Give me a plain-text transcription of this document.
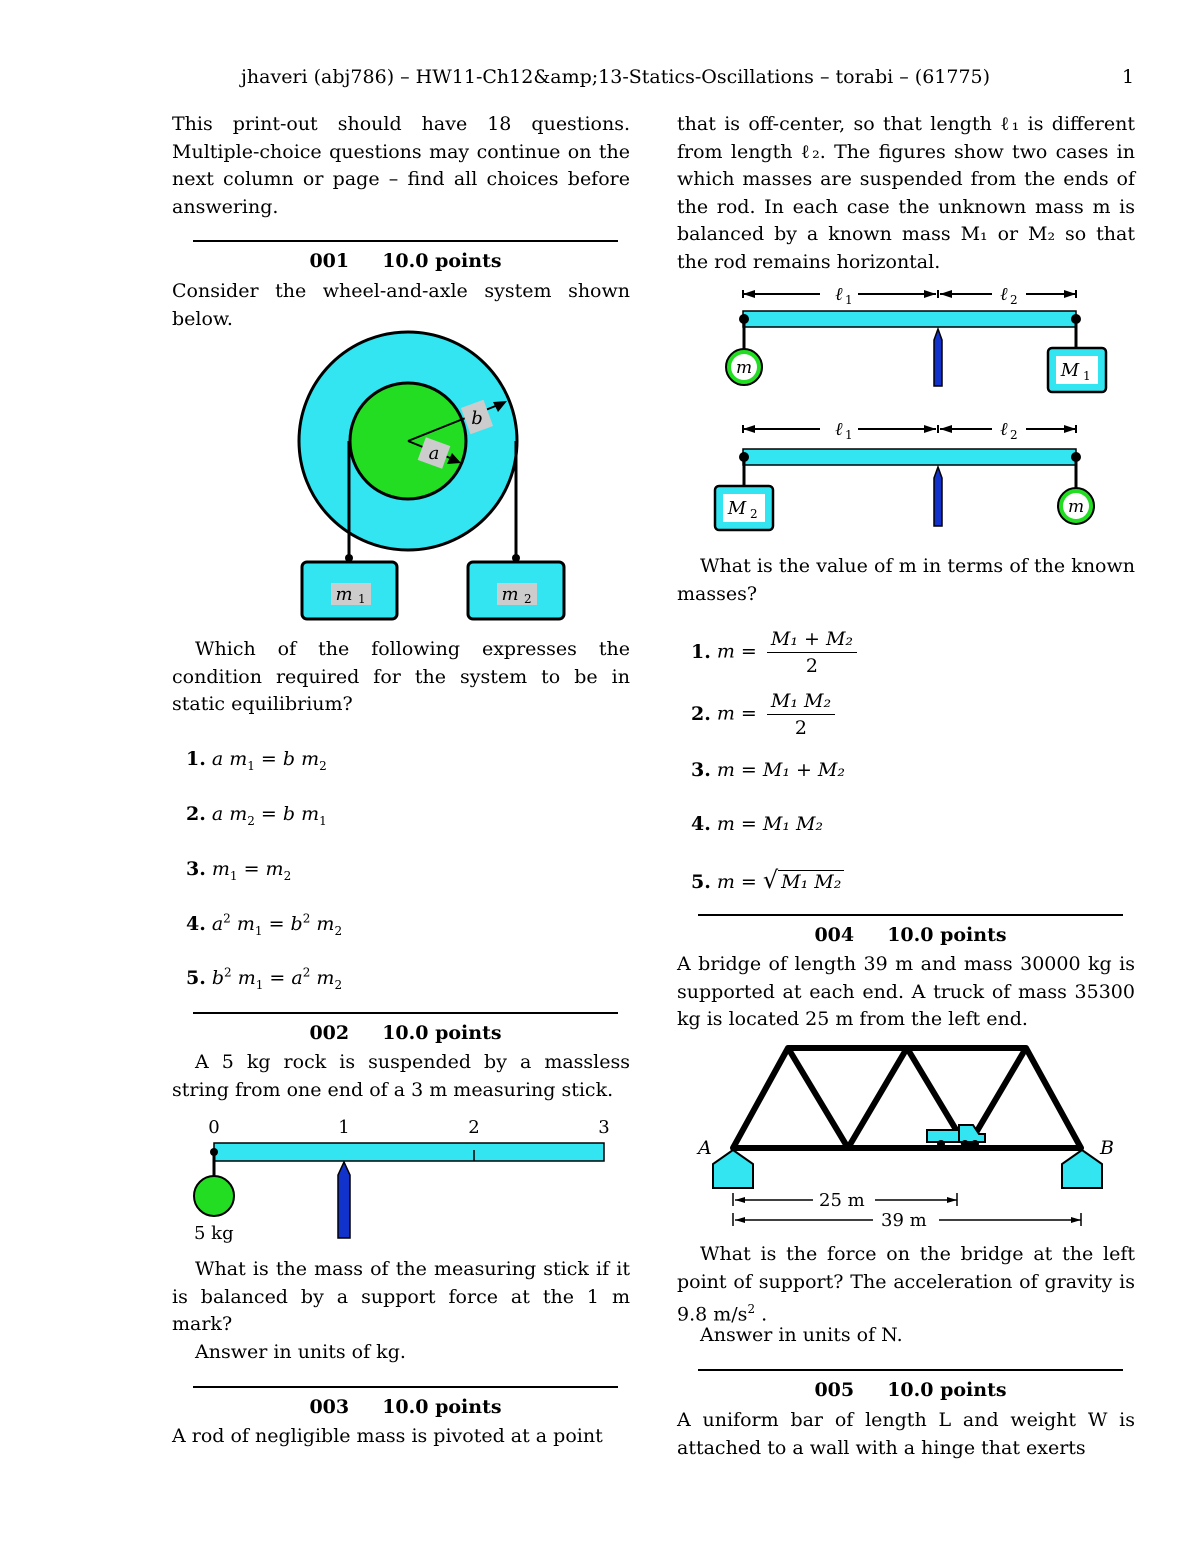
jhaveri (abj786) – HW11-Ch12&amp;13-Statics-Oscillations – torabi – (61775)	1
This print-out should have 18 questions. Multiple-choice questions may continue on the next column or page – find all choices before answering.
001 10.0 points
Consider the wheel-and-axle system shown below.
b
a
m 1	m 2
Which of the following expresses the condition required for the system to be in static equilibrium?
1. a $m_1 = b$ $m_2$
2. a $m_2 = b$ $m_1$
3. $m_1 = m_2$
4. $a^2$ $m_1 = b^2$ $m_2$
5. $b^2$ $m_1 = a^2$ $m_2$
002 10.0 points
A 5 kg rock is suspended by a massless string from one end of a 3 m measuring stick.
0	1	2	3
5 kg
What is the mass of the measuring stick if it is balanced by a support force at the 1 m mark?
Answer in units of kg.
003 10.0 points
A rod of negligible mass is pivoted at a point
that is off-center, so that length ℓ₁ is different from length ℓ₂. The figures show two cases in which masses are suspended from the ends of the rod. In each case the unknown mass m is balanced by a known mass M₁ or M₂ so that the rod remains horizontal.
ℓ 1	ℓ 2
m	M 1
ℓ 1	ℓ 2
M 2	m
What is the value of m in terms of the known masses?
1. $m = \frac{\text{M₁ + M₂}}{2}$
2. $m = \frac{\text{M₁ M₂}}{2}$
3. m = M₁ + M₂
4. m = M₁ M₂
5. m = √ M₁ M₂
004 10.0 points
A bridge of length 39 m and mass 30000 kg is supported at each end. A truck of mass 35300 kg is located 25 m from the left end.
A	B
25 m
39 m
What is the force on the bridge at the left point of support? The acceleration of gravity is 9.8 $m/s^2$ .
Answer in units of N.
005 10.0 points
A uniform bar of length L and weight W is attached to a wall with a hinge that exerts
